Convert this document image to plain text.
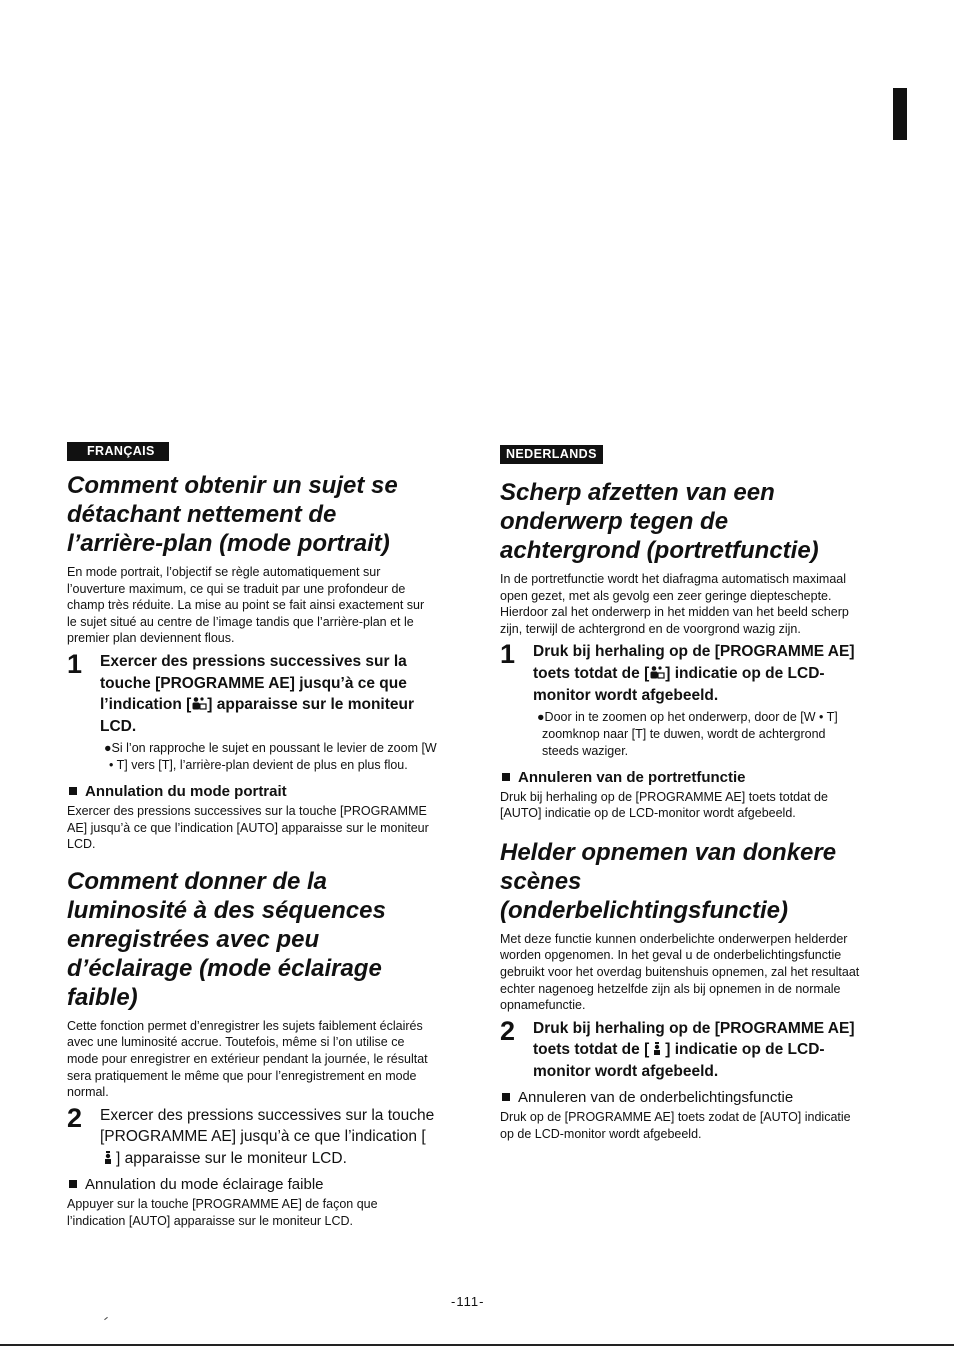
FRANÇAIS
Comment obtenir un sujet se détachant nettement de l’arrière-plan (mode portrait)

En mode portrait, l’objectif se règle automatiquement sur l’ouverture maximum, ce qui se traduit par une profondeur de champ très réduite. La mise au point se fait ainsi exactement sur le sujet situé au centre de l’image tandis que l’arrière-plan et le premier plan deviennent flous.

1	Exercer des pressions successives sur la touche [PROGRAMME AE] jusqu’à ce que l’indication [ ] apparaisse sur le moniteur LCD.
●Si l’on rapproche le sujet en poussant le levier de zoom [W • T] vers [T], l’arrière-plan devient de plus en plus flou.
Annulation du mode portrait

Exercer des pressions successives sur la touche [PROGRAMME AE] jusqu’à ce que l’indication [AUTO] apparaisse sur le moniteur LCD.

Comment donner de la luminosité à des séquences enregistrées avec peu d’éclairage (mode éclairage faible)

Cette fonction permet d’enregistrer les sujets faiblement éclairés avec une luminosité accrue. Toutefois, même si l’on utilise ce mode pour enregistrer en extérieur pendant la journée, le résultat sera pratiquement le même que pour l’enregistrement en mode normal.

2	Exercer des pressions successives sur la touche [PROGRAMME AE] jusqu’à ce que l’indication [] apparaisse sur le moniteur LCD.
Annulation du mode éclairage faible

Appuyer sur la touche [PROGRAMME AE] de façon que l’indication [AUTO] apparaisse sur le moniteur LCD.

NEDERLANDS
Scherp afzetten van een onderwerp tegen de achtergrond (portretfunctie)

In de portretfunctie wordt het diafragma automatisch maximaal open gezet, met als gevolg een zeer geringe diepteschepte. Hierdoor zal het onderwerp in het midden van het beeld scherp zijn, terwijl de achtergrond en de voorgrond wazig zijn.

1	Druk bij herhaling op de [PROGRAMME AE] toets totdat de [ ] indicatie op de LCD-monitor wordt afgebeeld.
●Door in te zoomen op het onderwerp, door de [W • T] zoomknop naar [T] te duwen, wordt de achtergrond steeds waziger.
Annuleren van de portretfunctie

Druk bij herhaling op de [PROGRAMME AE] toets totdat de [AUTO] indicatie op de LCD-monitor wordt afgebeeld.

Helder opnemen van donkere scènes (onderbelichtingsfunctie)

Met deze functie kunnen onderbelichte onderwerpen helderder worden opgenomen. In het geval u de onderbelichtingsfunctie gebruikt voor het overdag buitenshuis opnemen, zal het resultaat echter nagenoeg hetzelfde zijn als bij opnemen in de normale opnamefunctie.

2	Druk bij herhaling op de [PROGRAMME AE] toets totdat de [ ] indicatie op de LCD-monitor wordt afgebeeld.
Annuleren van de onderbelichtingsfunctie

Druk op de [PROGRAMME AE] toets zodat de [AUTO] indicatie op de LCD-monitor wordt afgebeeld.

-111-
